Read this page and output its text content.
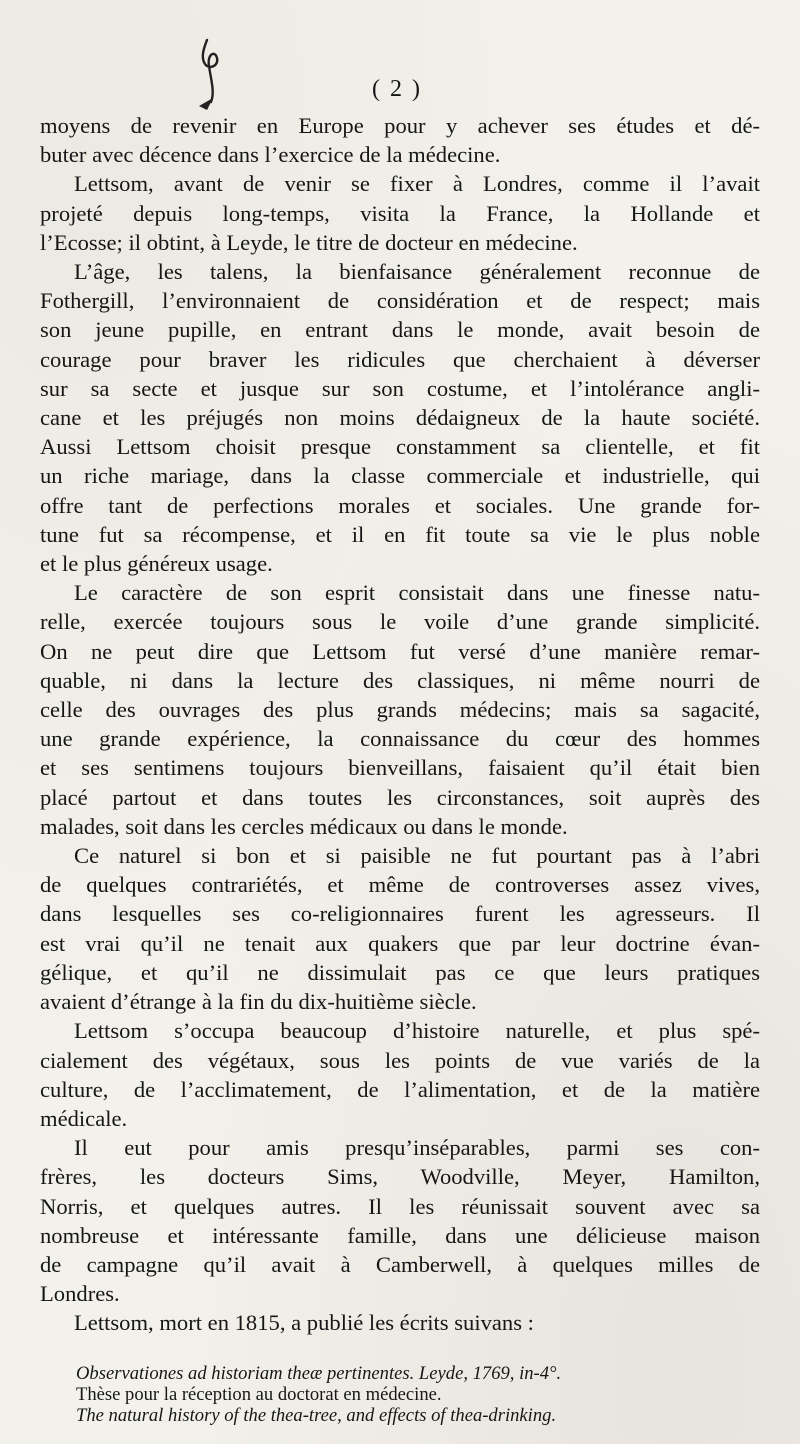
( 2 )
moyens de revenir en Europe pour y achever ses études et dé-
buter avec décence dans l’exercice de la médecine.
Lettsom, avant de venir se fixer à Londres, comme il l’avait
projeté depuis long-temps, visita la France, la Hollande et
l’Ecosse; il obtint, à Leyde, le titre de docteur en médecine.
L’âge, les talens, la bienfaisance généralement reconnue de
Fothergill, l’environnaient de considération et de respect; mais
son jeune pupille, en entrant dans le monde, avait besoin de
courage pour braver les ridicules que cherchaient à déverser
sur sa secte et jusque sur son costume, et l’intolérance angli-
cane et les préjugés non moins dédaigneux de la haute société.
Aussi Lettsom choisit presque constamment sa clientelle, et fit
un riche mariage, dans la classe commerciale et industrielle, qui
offre tant de perfections morales et sociales. Une grande for-
tune fut sa récompense, et il en fit toute sa vie le plus noble
et le plus généreux usage.
Le caractère de son esprit consistait dans une finesse natu-
relle, exercée toujours sous le voile d’une grande simplicité.
On ne peut dire que Lettsom fut versé d’une manière remar-
quable, ni dans la lecture des classiques, ni même nourri de
celle des ouvrages des plus grands médecins; mais sa sagacité,
une grande expérience, la connaissance du cœur des hommes
et ses sentimens toujours bienveillans, faisaient qu’il était bien
placé partout et dans toutes les circonstances, soit auprès des
malades, soit dans les cercles médicaux ou dans le monde.
Ce naturel si bon et si paisible ne fut pourtant pas à l’abri
de quelques contrariétés, et même de controverses assez vives,
dans lesquelles ses co-religionnaires furent les agresseurs. Il
est vrai qu’il ne tenait aux quakers que par leur doctrine évan-
gélique, et qu’il ne dissimulait pas ce que leurs pratiques
avaient d’étrange à la fin du dix-huitième siècle.
Lettsom s’occupa beaucoup d’histoire naturelle, et plus spé-
cialement des végétaux, sous les points de vue variés de la
culture, de l’acclimatement, de l’alimentation, et de la matière
médicale.
Il eut pour amis presqu’inséparables, parmi ses con-
frères, les docteurs Sims, Woodville, Meyer, Hamilton,
Norris, et quelques autres. Il les réunissait souvent avec sa
nombreuse et intéressante famille, dans une délicieuse maison
de campagne qu’il avait à Camberwell, à quelques milles de
Londres.
Lettsom, mort en 1815, a publié les écrits suivans :
Observationes ad historiam theæ pertinentes. Leyde, 1769, in-4°.
Thèse pour la réception au doctorat en médecine.
The natural history of the thea-tree, and effects of thea-drinking.
